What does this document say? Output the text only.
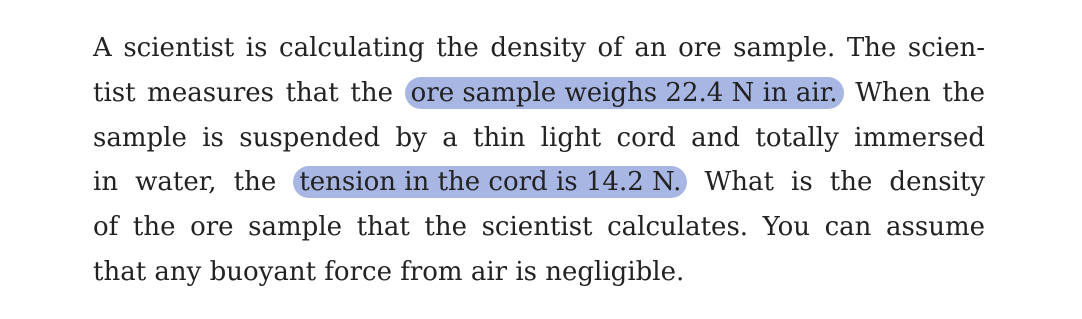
A scientist is calculating the density of an ore sample. The scien-
tist measures that the ore sample weighs 22.4 N in air. When the
sample is suspended by a thin light cord and totally immersed
in water, the tension in the cord is 14.2 N. What is the density
of the ore sample that the scientist calculates. You can assume
that any buoyant force from air is negligible.
